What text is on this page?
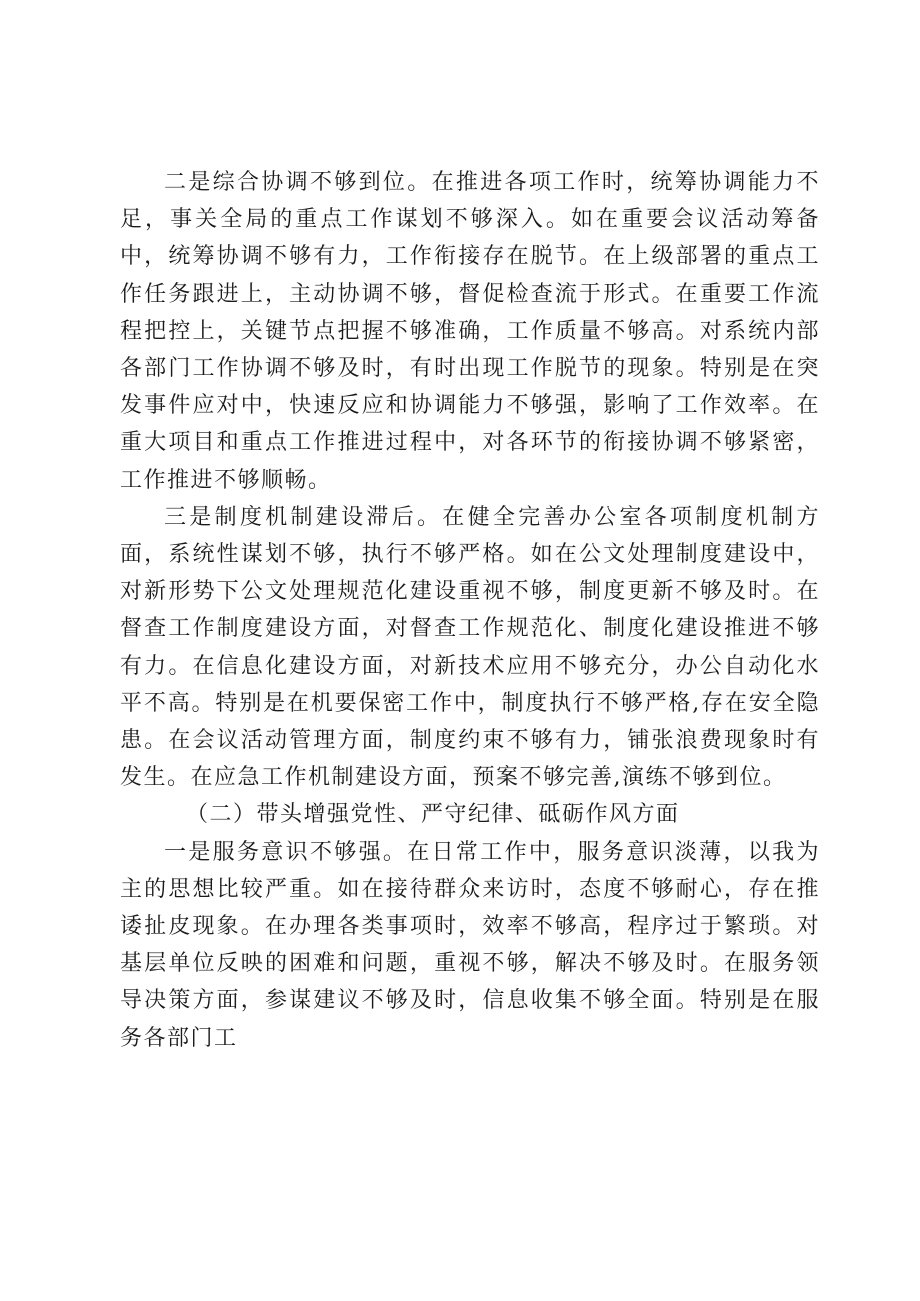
二是综合协调不够到位。在推进各项工作时，统筹协调能力不足，事关全局的重点工作谋划不够深入。如在重要会议活动筹备中，统筹协调不够有力，工作衔接存在脱节。在上级部署的重点工作任务跟进上，主动协调不够，督促检查流于形式。在重要工作流程把控上，关键节点把握不够准确，工作质量不够高。对系统内部各部门工作协调不够及时，有时出现工作脱节的现象。特别是在突发事件应对中，快速反应和协调能力不够强，影响了工作效率。在重大项目和重点工作推进过程中，对各环节的衔接协调不够紧密，工作推进不够顺畅。

三是制度机制建设滞后。在健全完善办公室各项制度机制方面，系统性谋划不够，执行不够严格。如在公文处理制度建设中，对新形势下公文处理规范化建设重视不够，制度更新不够及时。在督查工作制度建设方面，对督查工作规范化、制度化建设推进不够有力。在信息化建设方面，对新技术应用不够充分，办公自动化水平不高。特别是在机要保密工作中，制度执行不够严格,存在安全隐患。在会议活动管理方面，制度约束不够有力，铺张浪费现象时有发生。在应急工作机制建设方面，预案不够完善,演练不够到位。

（二）带头增强党性、严守纪律、砥砺作风方面

一是服务意识不够强。在日常工作中，服务意识淡薄，以我为主的思想比较严重。如在接待群众来访时，态度不够耐心，存在推诿扯皮现象。在办理各类事项时，效率不够高，程序过于繁琐。对基层单位反映的困难和问题，重视不够，解决不够及时。在服务领导决策方面，参谋建议不够及时，信息收集不够全面。特别是在服务各部门工
